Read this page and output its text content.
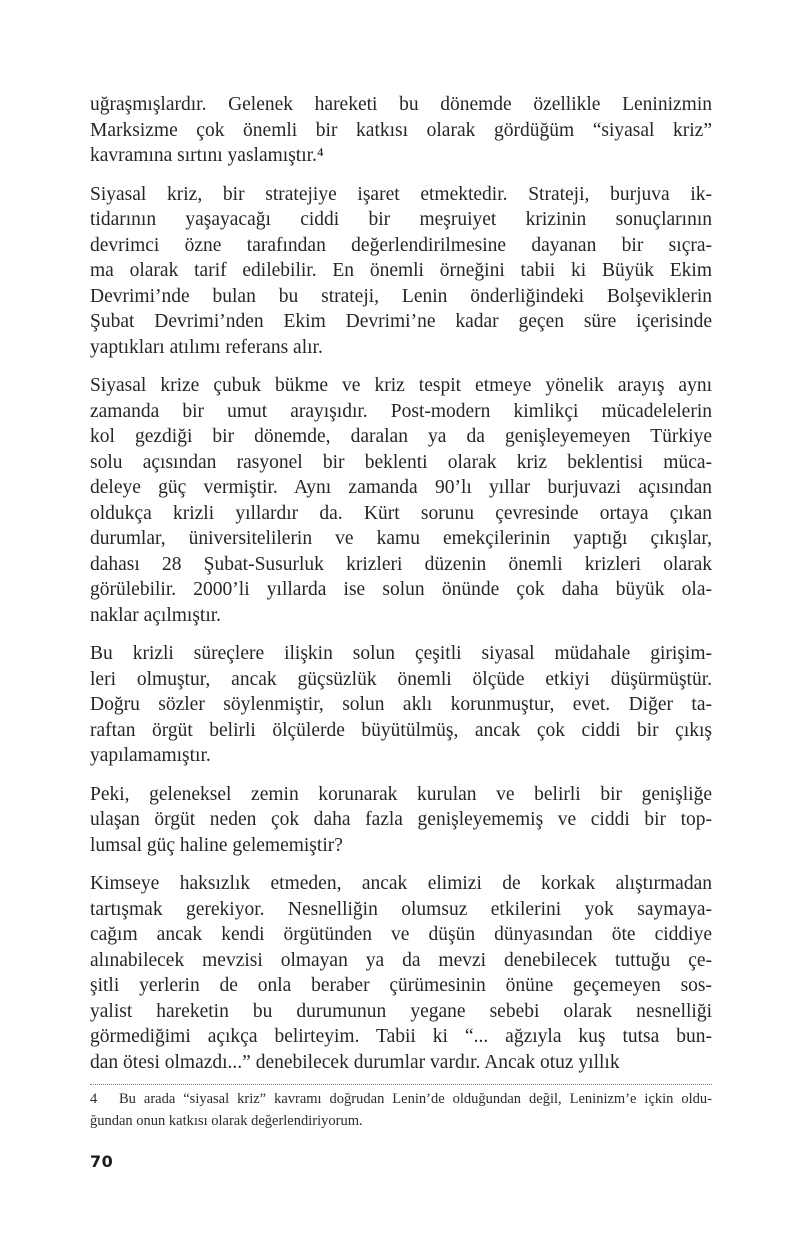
uğraşmışlardır. Gelenek hareketi bu dönemde özellikle Leninizmin
Marksizme çok önemli bir katkısı olarak gördüğüm “siyasal kriz”
kavramına sırtını yaslamıştır.⁴

Siyasal kriz, bir stratejiye işaret etmektedir. Strateji, burjuva ik-
tidarının yaşayacağı ciddi bir meşruiyet krizinin sonuçlarının
devrimci özne tarafından değerlendirilmesine dayanan bir sıçra-
ma olarak tarif edilebilir. En önemli örneğini tabii ki Büyük Ekim
Devrimi’nde bulan bu strateji, Lenin önderliğindeki Bolşeviklerin
Şubat Devrimi’nden Ekim Devrimi’ne kadar geçen süre içerisinde
yaptıkları atılımı referans alır.

Siyasal krize çubuk bükme ve kriz tespit etmeye yönelik arayış aynı
zamanda bir umut arayışıdır. Post-modern kimlikçi mücadelelerin
kol gezdiği bir dönemde, daralan ya da genişleyemeyen Türkiye
solu açısından rasyonel bir beklenti olarak kriz beklentisi müca-
deleye güç vermiştir. Aynı zamanda 90’lı yıllar burjuvazi açısından
oldukça krizli yıllardır da. Kürt sorunu çevresinde ortaya çıkan
durumlar, üniversitelilerin ve kamu emekçilerinin yaptığı çıkışlar,
dahası 28 Şubat-Susurluk krizleri düzenin önemli krizleri olarak
görülebilir. 2000’li yıllarda ise solun önünde çok daha büyük ola-
naklar açılmıştır.

Bu krizli süreçlere ilişkin solun çeşitli siyasal müdahale girişim-
leri olmuştur, ancak güçsüzlük önemli ölçüde etkiyi düşürmüştür.
Doğru sözler söylenmiştir, solun aklı korunmuştur, evet. Diğer ta-
raftan örgüt belirli ölçülerde büyütülmüş, ancak çok ciddi bir çıkış
yapılamamıştır.

Peki, geleneksel zemin korunarak kurulan ve belirli bir genişliğe
ulaşan örgüt neden çok daha fazla genişleyememiş ve ciddi bir top-
lumsal güç haline gelememiştir?

Kimseye haksızlık etmeden, ancak elimizi de korkak alıştırmadan
tartışmak gerekiyor. Nesnelliğin olumsuz etkilerini yok saymaya-
cağım ancak kendi örgütünden ve düşün dünyasından öte ciddiye
alınabilecek mevzisi olmayan ya da mevzi denebilecek tuttuğu çe-
şitli yerlerin de onla beraber çürümesinin önüne geçemeyen sos-
yalist hareketin bu durumunun yegane sebebi olarak nesnelliği
görmediğimi açıkça belirteyim. Tabii ki “... ağzıyla kuş tutsa bun-
dan ötesi olmazdı...” denebilecek durumlar vardır. Ancak otuz yıllık

4 Bu arada “siyasal kriz” kavramı doğrudan Lenin’de olduğundan değil, Leninizm’e içkin oldu-
ğundan onun katkısı olarak değerlendiriyorum.
70
